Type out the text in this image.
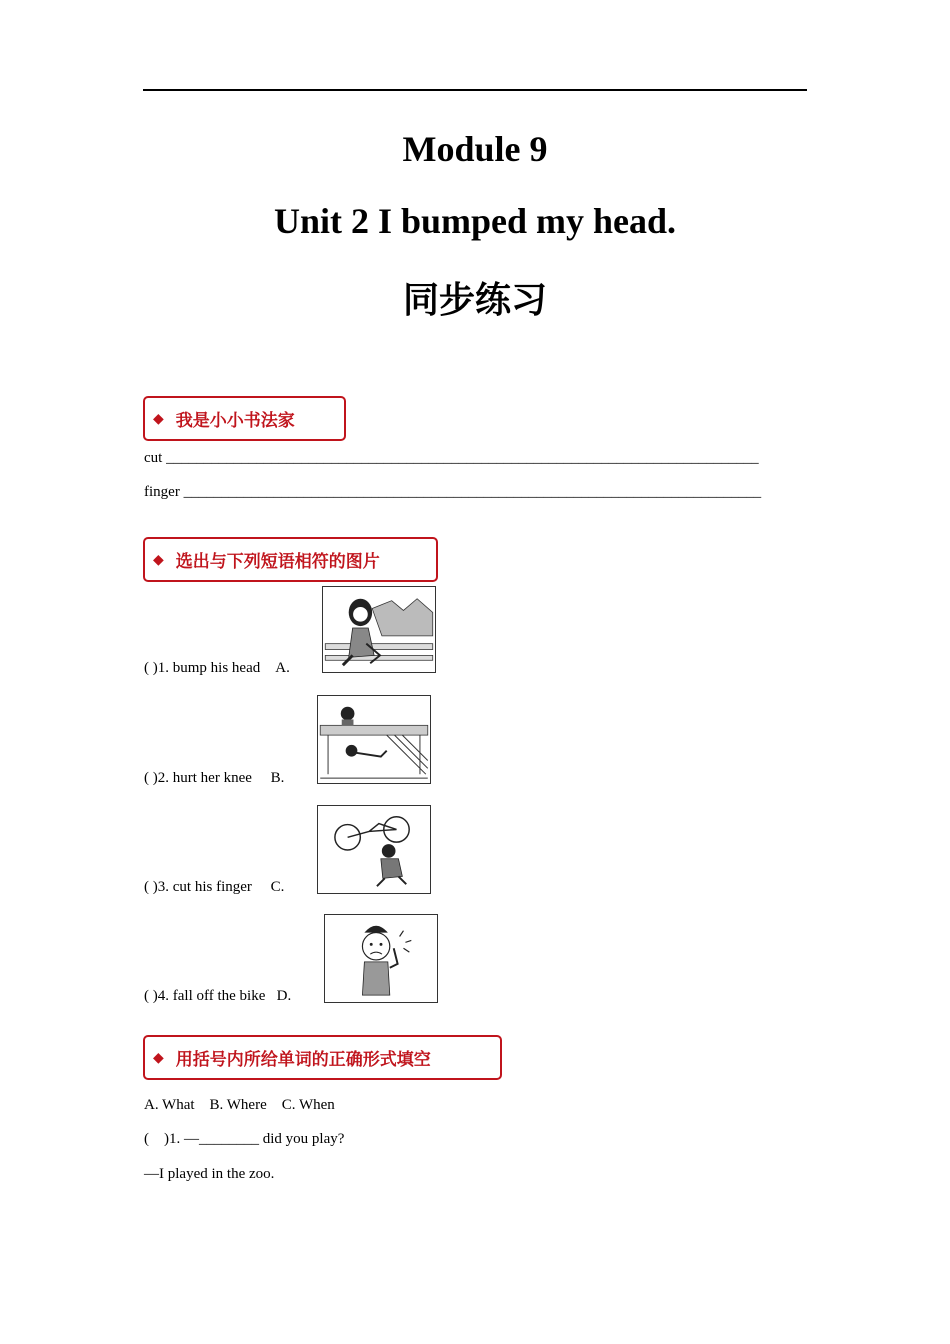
Module 9
Unit 2 I bumped my head.
同步练习
◆ 我是小小书法家
cut _______________________________________________________________________________
finger _____________________________________________________________________________
◆ 选出与下列短语相符的图片
( )1. bump his head A.
( )2. hurt her knee B.
( )3. cut his finger C.
( )4. fall off the bike D.
◆ 用括号内所给单词的正确形式填空
A. What    B. Where    C. When
(    )1. —________ did you play?
—I played in the zoo.
